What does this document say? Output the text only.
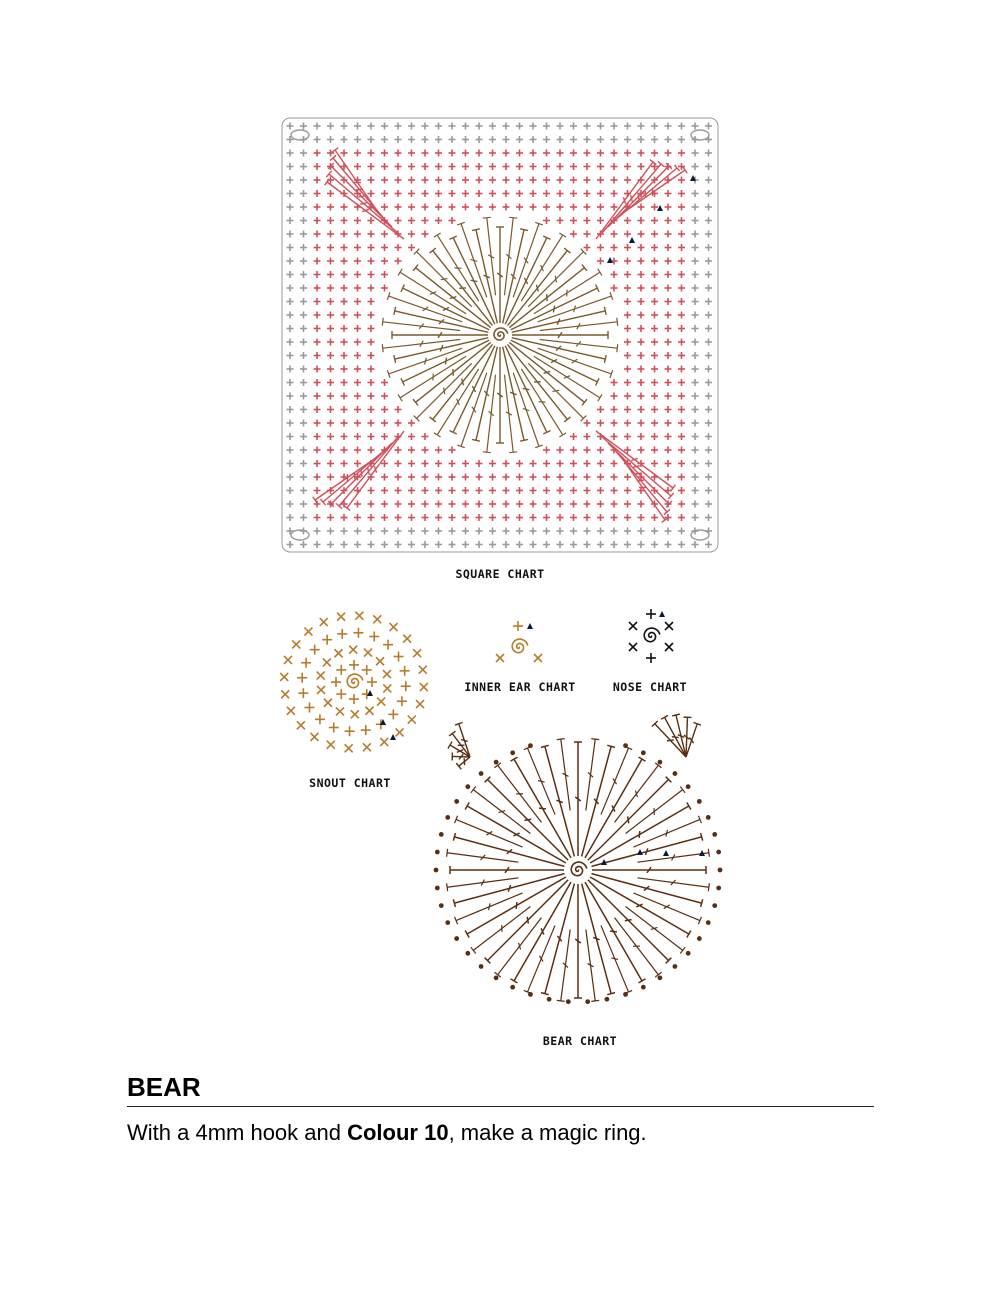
SQUARE CHART
SNOUT CHART
INNER EAR CHART	NOSE CHART
BEAR CHART
BEAR

With a 4mm hook and Colour 10, make a magic ring.
